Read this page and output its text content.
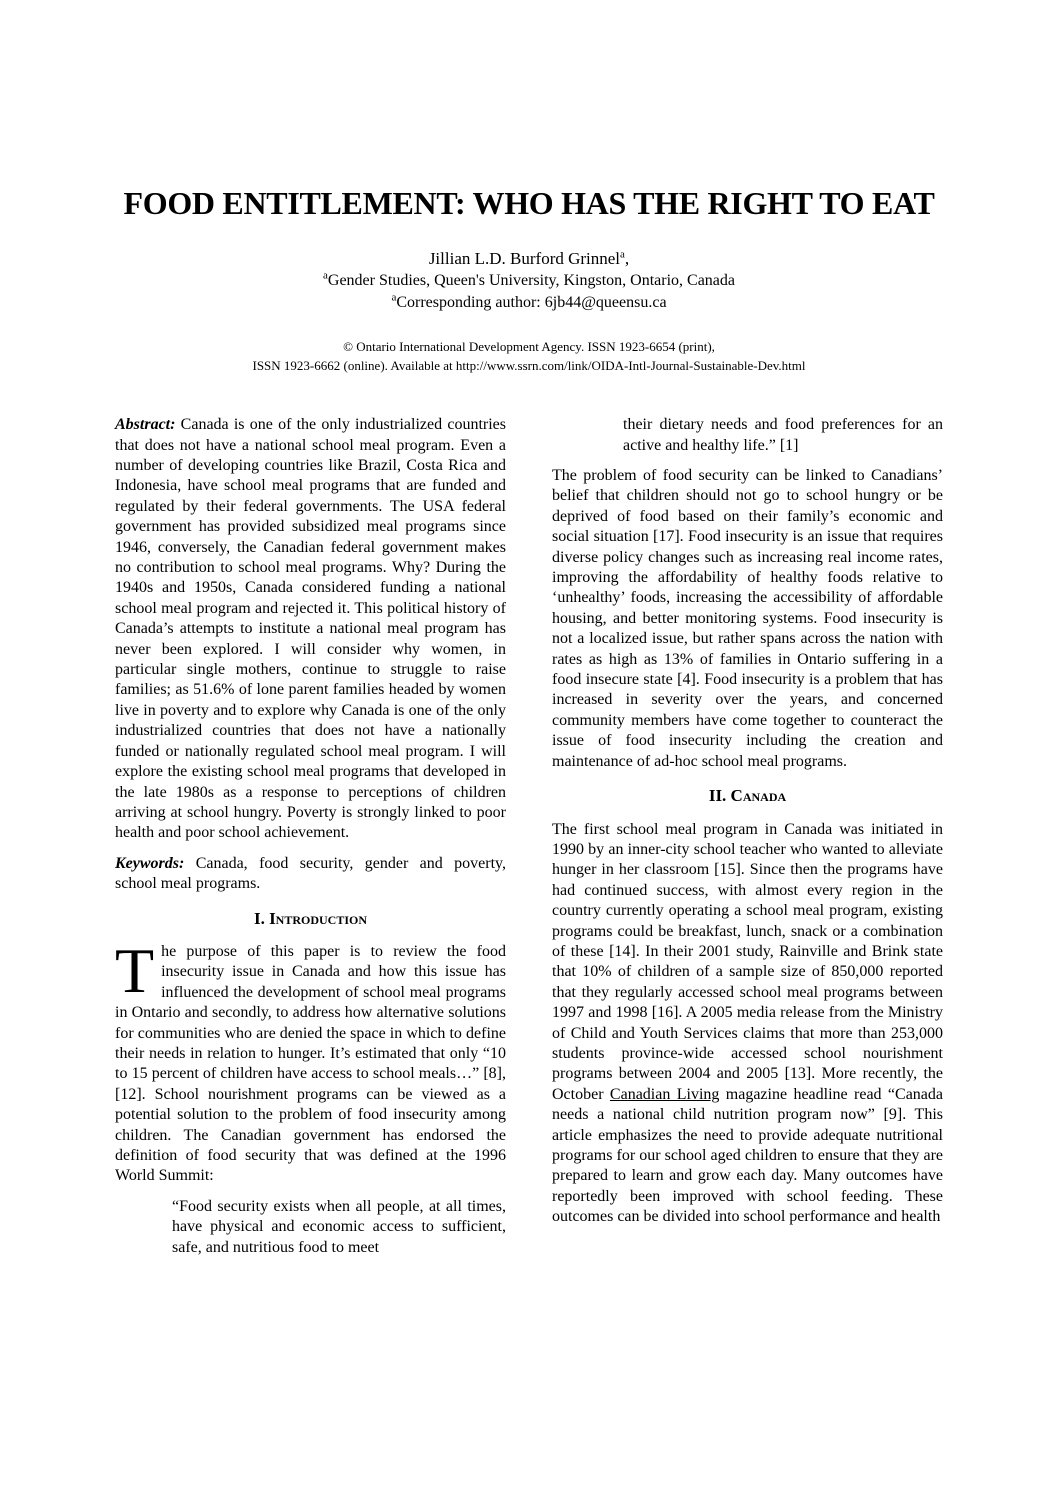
FOOD ENTITLEMENT: WHO HAS THE RIGHT TO EAT
Jillian L.D. Burford Grinnel$^a$,
$^a$Gender Studies, Queen's University, Kingston, Ontario, Canada
$^a$Corresponding author: 6jb44@queensu.ca
© Ontario International Development Agency. ISSN 1923-6654 (print),
ISSN 1923-6662 (online). Available at http://www.ssrn.com/link/OIDA-Intl-Journal-Sustainable-Dev.html

Abstract: Canada is one of the only industrialized countries that does not have a national school meal program. Even a number of developing countries like Brazil, Costa Rica and Indonesia, have school meal programs that are funded and regulated by their federal governments. The USA federal government has provided subsidized meal programs since 1946, conversely, the Canadian federal government makes no contribution to school meal programs. Why? During the 1940s and 1950s, Canada considered funding a national school meal program and rejected it. This political history of Canada’s attempts to institute a national meal program has never been explored. I will consider why women, in particular single mothers, continue to struggle to raise families; as 51.6% of lone parent families headed by women live in poverty and to explore why Canada is one of the only industrialized countries that does not have a nationally funded or nationally regulated school meal program. I will explore the existing school meal programs that developed in the late 1980s as a response to perceptions of children arriving at school hungry. Poverty is strongly linked to poor health and poor school achievement.

Keywords: Canada, food security, gender and poverty, school meal programs.

I. Introduction

The purpose of this paper is to review the food insecurity issue in Canada and how this issue has influenced the development of school meal programs in Ontario and secondly, to address how alternative solutions for communities who are denied the space in which to define their needs in relation to hunger. It’s estimated that only “10 to 15 percent of children have access to school meals…” [8], [12]. School nourishment programs can be viewed as a potential solution to the problem of food insecurity among children. The Canadian government has endorsed the definition of food security that was defined at the 1996 World Summit:

“Food security exists when all people, at all times, have physical and economic access to sufficient, safe, and nutritious food to meet
their dietary needs and food preferences for an active and healthy life.” [1]

The problem of food security can be linked to Canadians’ belief that children should not go to school hungry or be deprived of food based on their family’s economic and social situation [17]. Food insecurity is an issue that requires diverse policy changes such as increasing real income rates, improving the affordability of healthy foods relative to ‘unhealthy’ foods, increasing the accessibility of affordable housing, and better monitoring systems. Food insecurity is not a localized issue, but rather spans across the nation with rates as high as 13% of families in Ontario suffering in a food insecure state [4]. Food insecurity is a problem that has increased in severity over the years, and concerned community members have come together to counteract the issue of food insecurity including the creation and maintenance of ad-hoc school meal programs.

II. Canada

The first school meal program in Canada was initiated in 1990 by an inner-city school teacher who wanted to alleviate hunger in her classroom [15]. Since then the programs have had continued success, with almost every region in the country currently operating a school meal program, existing programs could be breakfast, lunch, snack or a combination of these [14]. In their 2001 study, Rainville and Brink state that 10% of children of a sample size of 850,000 reported that they regularly accessed school meal programs between 1997 and 1998 [16]. A 2005 media release from the Ministry of Child and Youth Services claims that more than 253,000 students province-wide accessed school nourishment programs between 2004 and 2005 [13]. More recently, the October Canadian Living magazine headline read “Canada needs a national child nutrition program now” [9]. This article emphasizes the need to provide adequate nutritional programs for our school aged children to ensure that they are prepared to learn and grow each day. Many outcomes have reportedly been improved with school feeding. These outcomes can be divided into school performance and health
